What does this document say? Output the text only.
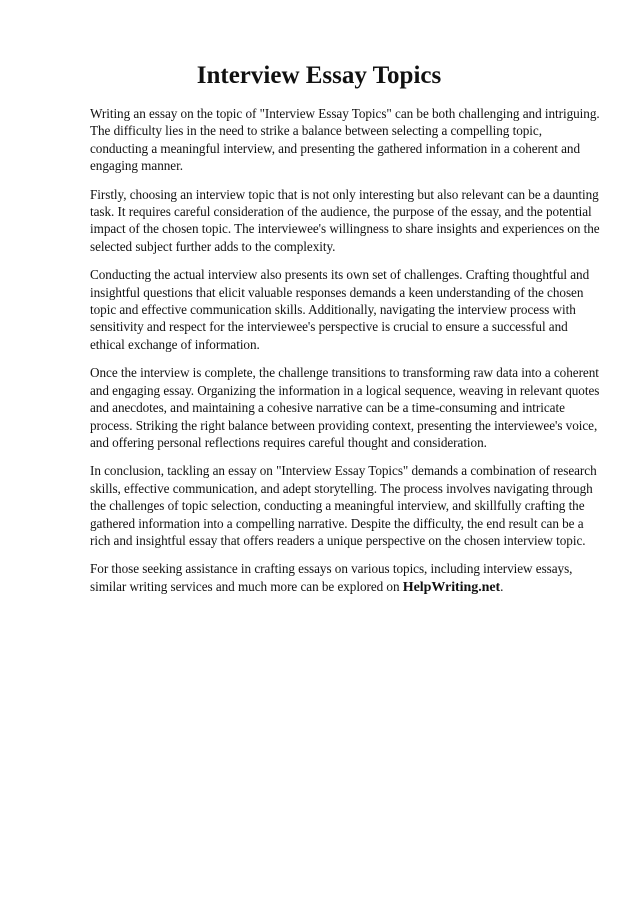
Interview Essay Topics

Writing an essay on the topic of "Interview Essay Topics" can be both challenging and intriguing. The difficulty lies in the need to strike a balance between selecting a compelling topic, conducting a meaningful interview, and presenting the gathered information in a coherent and engaging manner.

Firstly, choosing an interview topic that is not only interesting but also relevant can be a daunting task. It requires careful consideration of the audience, the purpose of the essay, and the potential impact of the chosen topic. The interviewee's willingness to share insights and experiences on the selected subject further adds to the complexity.

Conducting the actual interview also presents its own set of challenges. Crafting thoughtful and insightful questions that elicit valuable responses demands a keen understanding of the chosen topic and effective communication skills. Additionally, navigating the interview process with sensitivity and respect for the interviewee's perspective is crucial to ensure a successful and ethical exchange of information.

Once the interview is complete, the challenge transitions to transforming raw data into a coherent and engaging essay. Organizing the information in a logical sequence, weaving in relevant quotes and anecdotes, and maintaining a cohesive narrative can be a time-consuming and intricate process. Striking the right balance between providing context, presenting the interviewee's voice, and offering personal reflections requires careful thought and consideration.

In conclusion, tackling an essay on "Interview Essay Topics" demands a combination of research skills, effective communication, and adept storytelling. The process involves navigating through the challenges of topic selection, conducting a meaningful interview, and skillfully crafting the gathered information into a compelling narrative. Despite the difficulty, the end result can be a rich and insightful essay that offers readers a unique perspective on the chosen interview topic.

For those seeking assistance in crafting essays on various topics, including interview essays, similar writing services and much more can be explored on HelpWriting.net.
